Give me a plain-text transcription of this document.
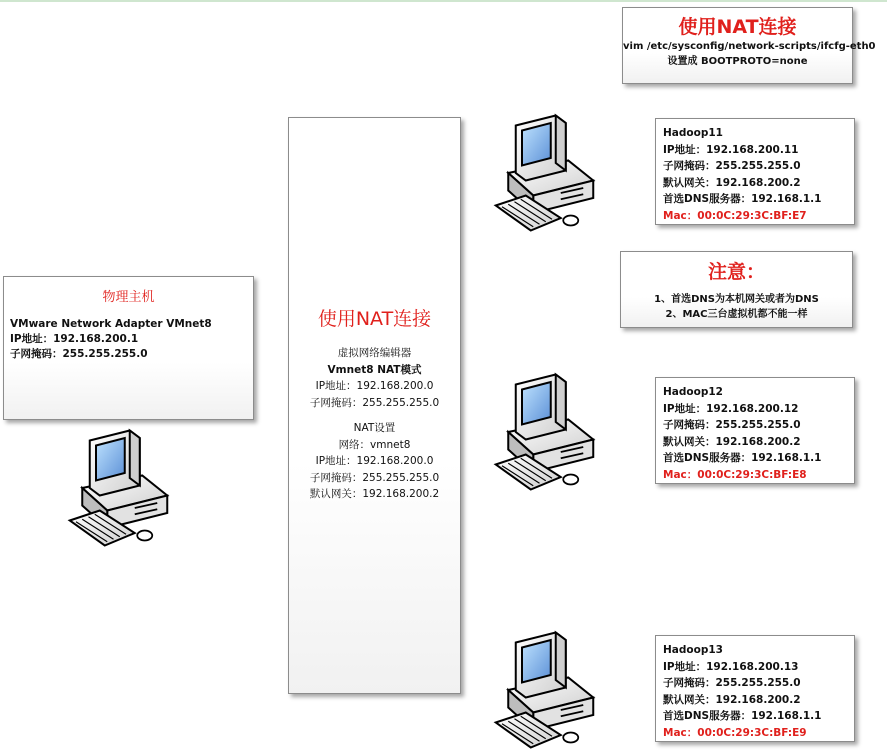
使用NAT连接
vim /etc/sysconfig/network-scripts/ifcfg-eth0
设置成 BOOTPROTO=none
使用NAT连接
虚拟网络编辑器
Vmnet8 NAT模式
IP地址：192.168.200.0
子网掩码：255.255.255.0
NAT设置
网络：vmnet8
IP地址：192.168.200.0
子网掩码：255.255.255.0
默认网关：192.168.200.2
物理主机
VMware Network Adapter VMnet8
IP地址：192.168.200.1
子网掩码：255.255.255.0
注意：
1、首选DNS为本机网关或者为DNS
2、MAC三台虚拟机都不能一样
Hadoop11
IP地址：192.168.200.11
子网掩码：255.255.255.0
默认网关：192.168.200.2
首选DNS服务器：192.168.1.1
Mac：00:0C:29:3C:BF:E7
Hadoop12
IP地址：192.168.200.12
子网掩码：255.255.255.0
默认网关：192.168.200.2
首选DNS服务器：192.168.1.1
Mac：00:0C:29:3C:BF:E8
Hadoop13
IP地址：192.168.200.13
子网掩码：255.255.255.0
默认网关：192.168.200.2
首选DNS服务器：192.168.1.1
Mac：00:0C:29:3C:BF:E9
